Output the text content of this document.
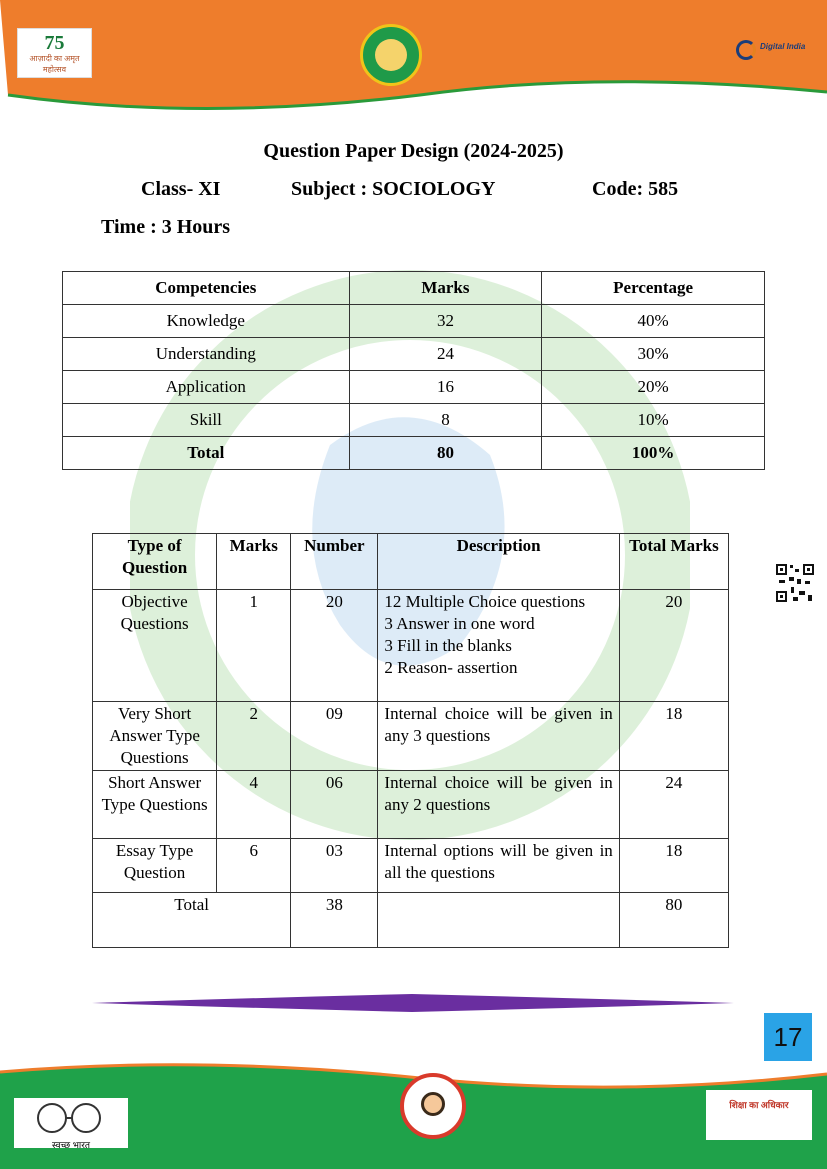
75
आज़ादी का अमृत महोत्सव
Digital India
Question Paper Design (2024-2025)
Class- XI	Subject : SOCIOLOGY	Code: 585
Time : 3 Hours
Competencies	Marks	Percentage
Knowledge	32	40%
Understanding	24	30%
Application	16	20%
Skill	8	10%
Total	80	100%
Type of Question	Marks	Number	Description	Total Marks
Objective Questions	1	20	12 Multiple Choice questions
3 Answer in one word
3 Fill in the blanks
2 Reason- assertion	20
Very Short Answer Type Questions	2	09	Internal choice will be given in any 3 questions	18
Short Answer Type Questions	4	06	Internal choice will be given in any 2 questions	24
Essay Type Question	6	03	Internal options will be given in all the questions	18
Total		38		80
17
स्वच्छ भारत
शिक्षा का अधिकार
